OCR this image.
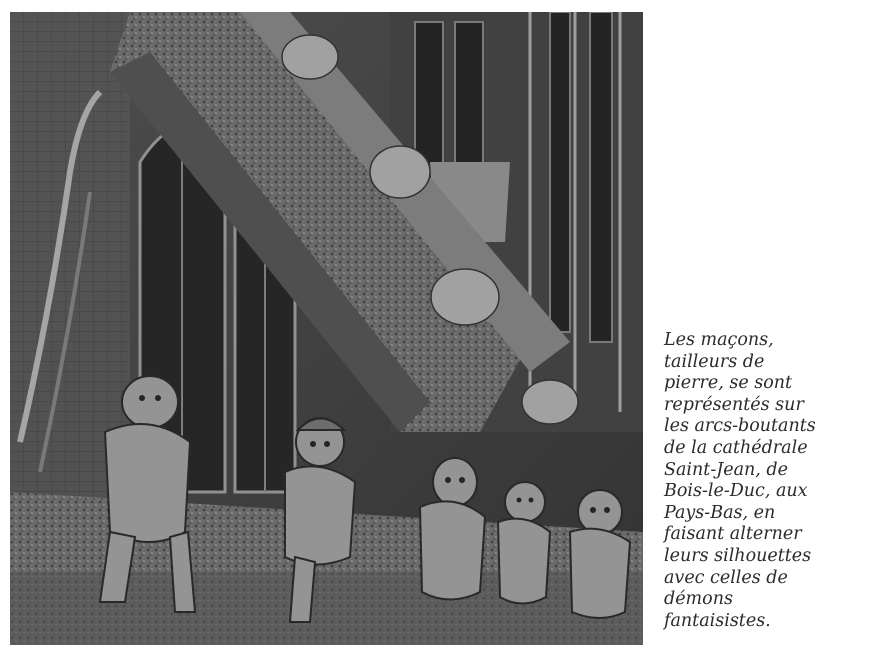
Les maçons,
tailleurs de
pierre, se sont
représentés sur
les arcs-boutants
de la cathédrale
Saint-Jean, de
Bois-le-Duc, aux
Pays-Bas, en
faisant alterner
leurs silhouettes
avec celles de
démons
fantaisistes.
